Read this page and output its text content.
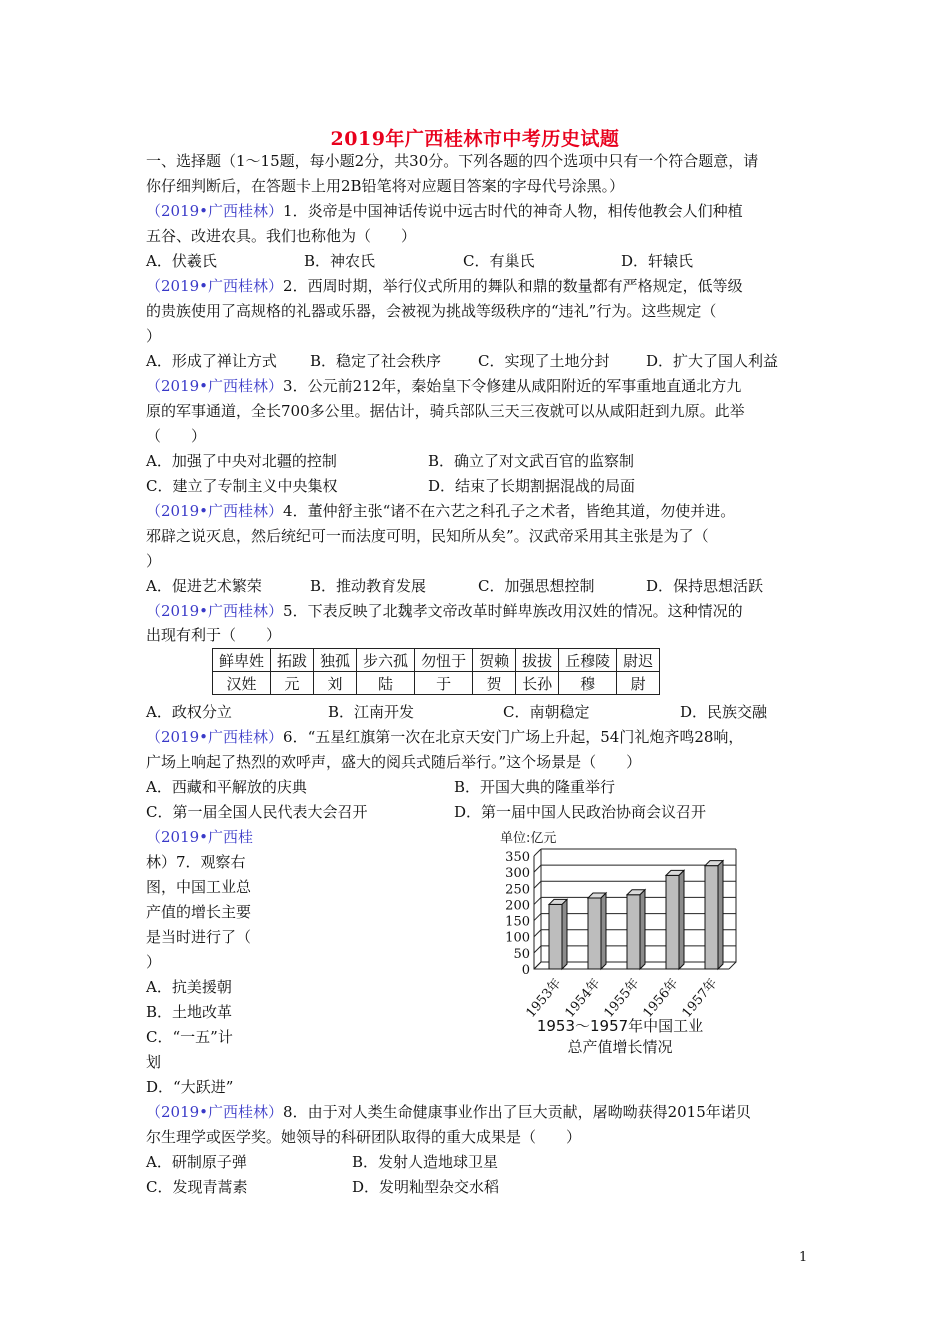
2019年广西桂林市中考历史试题
一、选择题（1～15题，每小题2分，共30分。下列各题的四个选项中只有一个符合题意，请
你仔细判断后，在答题卡上用2B铅笔将对应题目答案的字母代号涂黑。）
（2019•广西桂林）1．炎帝是中国神话传说中远古时代的神奇人物，相传他教会人们种植
五谷、改进农具。我们也称他为（　　）
A．伏羲氏	B．神农氏	C．有巢氏	D．轩辕氏
（2019•广西桂林）2．西周时期，举行仪式所用的舞队和鼎的数量都有严格规定，低等级
的贵族使用了高规格的礼器或乐器，会被视为挑战等级秩序的“违礼”行为。这些规定（
）
A．形成了禅让方式 B．稳定了社会秩序 C．实现了土地分封 D．扩大了国人利益
（2019•广西桂林）3．公元前212年，秦始皇下令修建从咸阳附近的军事重地直通北方九
原的军事通道，全长700多公里。据估计，骑兵部队三天三夜就可以从咸阳赶到九原。此举
（　　）
A．加强了中央对北疆的控制	B．确立了对文武百官的监察制
C．建立了专制主义中央集权	D．结束了长期割据混战的局面
（2019•广西桂林）4．董仲舒主张“诸不在六艺之科孔子之术者，皆绝其道，勿使并进。
邪辟之说灭息，然后统纪可一而法度可明，民知所从矣”。汉武帝采用其主张是为了（
）
A．促进艺术繁荣	B．推动教育发展	C．加强思想控制	D．保持思想活跃
（2019•广西桂林）5．下表反映了北魏孝文帝改革时鲜卑族改用汉姓的情况。这种情况的
出现有利于（　　）
鲜卑姓	拓跋	独孤	步六孤	勿忸于	贺赖	拔拔	丘穆陵	尉迟
汉姓	元	刘	陆	于	贺	长孙	穆	尉
A．政权分立	B．江南开发	C．南朝稳定	D．民族交融
（2019•广西桂林）6．“五星红旗第一次在北京天安门广场上升起，54门礼炮齐鸣28响，
广场上响起了热烈的欢呼声，盛大的阅兵式随后举行。”这个场景是（　　）
A．西藏和平解放的庆典	B．开国大典的隆重举行
C．第一届全国人民代表大会召开	D．第一届中国人民政治协商会议召开
（2019•广西桂
林）7．观察右
图，中国工业总
产值的增长主要
是当时进行了（
）
A．抗美援朝
B．土地改革
C．“一五”计
划
D．“大跃进”
单位:亿元
350
300
250
200
150
100
50
0
1953年
1954年
1955年
1956年
1957年
1953～1957年中国工业
总产值增长情况
（2019•广西桂林）8．由于对人类生命健康事业作出了巨大贡献，屠呦呦获得2015年诺贝
尔生理学或医学奖。她领导的科研团队取得的重大成果是（　　）
A．研制原子弹	B．发射人造地球卫星
C．发现青蒿素	D．发明籼型杂交水稻
1
